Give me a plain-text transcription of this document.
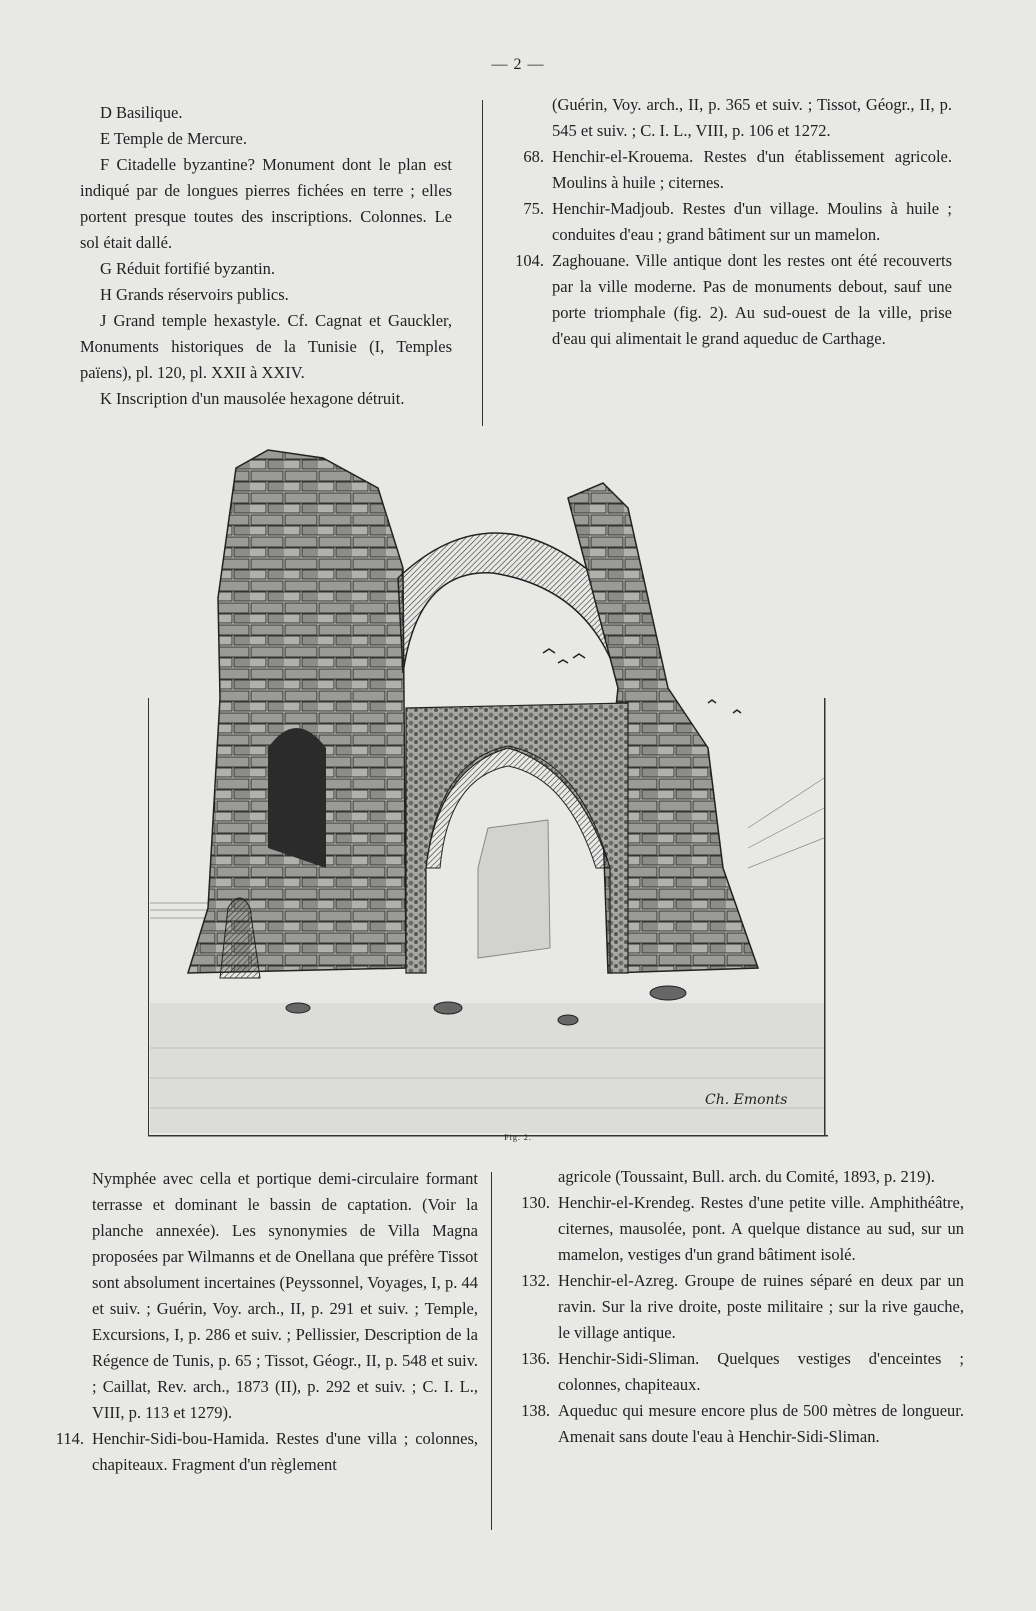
— 2 —

D Basilique.

E Temple de Mercure.

F Citadelle byzantine? Monument dont le plan est indiqué par de longues pierres fichées en terre ; elles portent presque toutes des inscriptions. Colonnes. Le sol était dallé.

G Réduit fortifié byzantin.

H Grands réservoirs publics.

J Grand temple hexastyle. Cf. Cagnat et Gauckler, Monuments historiques de la Tunisie (I, Temples païens), pl. 120, pl. XXII à XXIV.

K Inscription d'un mausolée hexagone détruit.

(Guérin, Voy. arch., II, p. 365 et suiv. ; Tissot, Géogr., II, p. 545 et suiv. ; C. I. L., VIII, p. 106 et 1272.

68. Henchir-el-Krouema. Restes d'un établissement agricole. Moulins à huile ; citernes.

75. Henchir-Madjoub. Restes d'un village. Moulins à huile ; conduites d'eau ; grand bâtiment sur un mamelon.

104. Zaghouane. Ville antique dont les restes ont été recouverts par la ville moderne. Pas de monuments debout, sauf une porte triomphale (fig. 2). Au sud-ouest de la ville, prise d'eau qui alimentait le grand aqueduc de Carthage.

Ch. Emonts
Fig. 2.

Nymphée avec cella et portique demi-circulaire formant terrasse et dominant le bassin de captation. (Voir la planche annexée). Les synonymies de Villa Magna proposées par Wilmanns et de Onellana que préfère Tissot sont absolument incertaines (Peyssonnel, Voyages, I, p. 44 et suiv. ; Guérin, Voy. arch., II, p. 291 et suiv. ; Temple, Excursions, I, p. 286 et suiv. ; Pellissier, Description de la Régence de Tunis, p. 65 ; Tissot, Géogr., II, p. 548 et suiv. ; Caillat, Rev. arch., 1873 (II), p. 292 et suiv. ; C. I. L., VIII, p. 113 et 1279).

114. Henchir-Sidi-bou-Hamida. Restes d'une villa ; colonnes, chapiteaux. Fragment d'un règlement

agricole (Toussaint, Bull. arch. du Comité, 1893, p. 219).

130. Henchir-el-Krendeg. Restes d'une petite ville. Amphithéâtre, citernes, mausolée, pont. A quelque distance au sud, sur un mamelon, vestiges d'un grand bâtiment isolé.

132. Henchir-el-Azreg. Groupe de ruines séparé en deux par un ravin. Sur la rive droite, poste militaire ; sur la rive gauche, le village antique.

136. Henchir-Sidi-Sliman. Quelques vestiges d'enceintes ; colonnes, chapiteaux.

138. Aqueduc qui mesure encore plus de 500 mètres de longueur. Amenait sans doute l'eau à Henchir-Sidi-Sliman.
